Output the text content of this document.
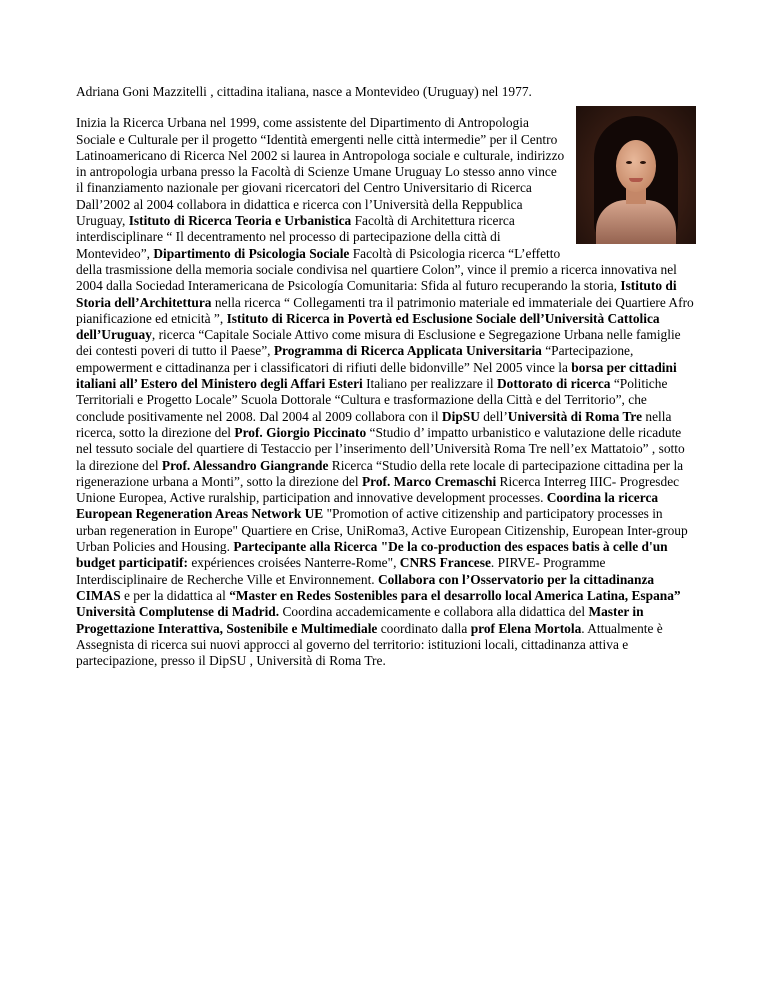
Adriana Goni Mazzitelli , cittadina italiana, nasce a Montevideo (Uruguay) nel 1977.

Inizia la Ricerca Urbana nel 1999, come assistente del Dipartimento di Antropologia Sociale e Culturale per il progetto “Identità emergenti nelle città intermedie” per il Centro Latinoamericano di Ricerca Nel 2002 si laurea in Antropologa sociale e culturale, indirizzo in antropologia urbana presso la Facoltà di Scienze Umane Uruguay Lo stesso anno vince il finanziamento nazionale per giovani ricercatori del Centro Universitario di Ricerca Dall’2002 al 2004 collabora in didattica e ricerca con l’Università della Reppublica Uruguay, Istituto di Ricerca Teoria e Urbanistica Facoltà di Architettura ricerca interdisciplinare “ Il decentramento nel processo di partecipazione della città di Montevideo”, Dipartimento di Psicologia Sociale Facoltà di Psicologia ricerca “L’effetto della trasmissione della memoria sociale condivisa nel quartiere Colon”, vince il premio a ricerca innovativa nel 2004 dalla Sociedad Interamericana de Psicología Comunitaria: Sfida al futuro recuperando la storia, Istituto di Storia dell’Architettura nella ricerca “ Collegamenti tra il patrimonio materiale ed immateriale dei Quartiere Afro pianificazione ed etnicità ”, Istituto di Ricerca in Povertà ed Esclusione Sociale dell’Università Cattolica dell’Uruguay, ricerca “Capitale Sociale Attivo come misura di Esclusione e Segregazione Urbana nelle famiglie dei contesti poveri di tutto il Paese”, Programma di Ricerca Applicata Universitaria “Partecipazione, empowerment e cittadinanza per i classificatori di rifiuti delle bidonville” Nel 2005 vince la borsa per cittadini italiani all’ Estero del Ministero degli Affari Esteri Italiano per realizzare il Dottorato di ricerca “Politiche Territoriali e Progetto Locale” Scuola Dottorale “Cultura e trasformazione della Città e del Territorio”, che conclude positivamente nel 2008. Dal 2004 al 2009 collabora con il DipSU dell’Università di Roma Tre nella ricerca, sotto la direzione del Prof. Giorgio Piccinato “Studio d’ impatto urbanistico e valutazione delle ricadute nel tessuto sociale del quartiere di Testaccio per l’inserimento dell’Università Roma Tre nell’ex Mattatoio” , sotto la direzione del Prof. Alessandro Giangrande Ricerca “Studio della rete locale di partecipazione cittadina per la rigenerazione urbana a Monti”, sotto la direzione del Prof. Marco Cremaschi Ricerca Interreg IIIC- Progresdec Unione Europea, Active ruralship, participation and innovative development processes. Coordina la ricerca European Regeneration Areas Network UE "Promotion of active citizenship and participatory processes in urban regeneration in Europe" Quartiere en Crise, UniRoma3, Active European Citizenship, European Inter-group Urban Policies and Housing. Partecipante alla Ricerca "De la co-production des espaces batis à celle d'un budget participatif: expériences croisées Nanterre-Rome", CNRS Francese. PIRVE- Programme Interdisciplinaire de Recherche Ville et Environnement. Collabora con l’Osservatorio per la cittadinanza CIMAS e per la didattica al “Master en Redes Sostenibles para el desarrollo local America Latina, Espana” Università Complutense di Madrid. Coordina accademicamente e collabora alla didattica del Master in Progettazione Interattiva, Sostenibile e Multimediale coordinato dalla prof Elena Mortola. Attualmente è Assegnista di ricerca sui nuovi approcci al governo del territorio: istituzioni locali, cittadinanza attiva e partecipazione, presso il DipSU , Università di Roma Tre.
